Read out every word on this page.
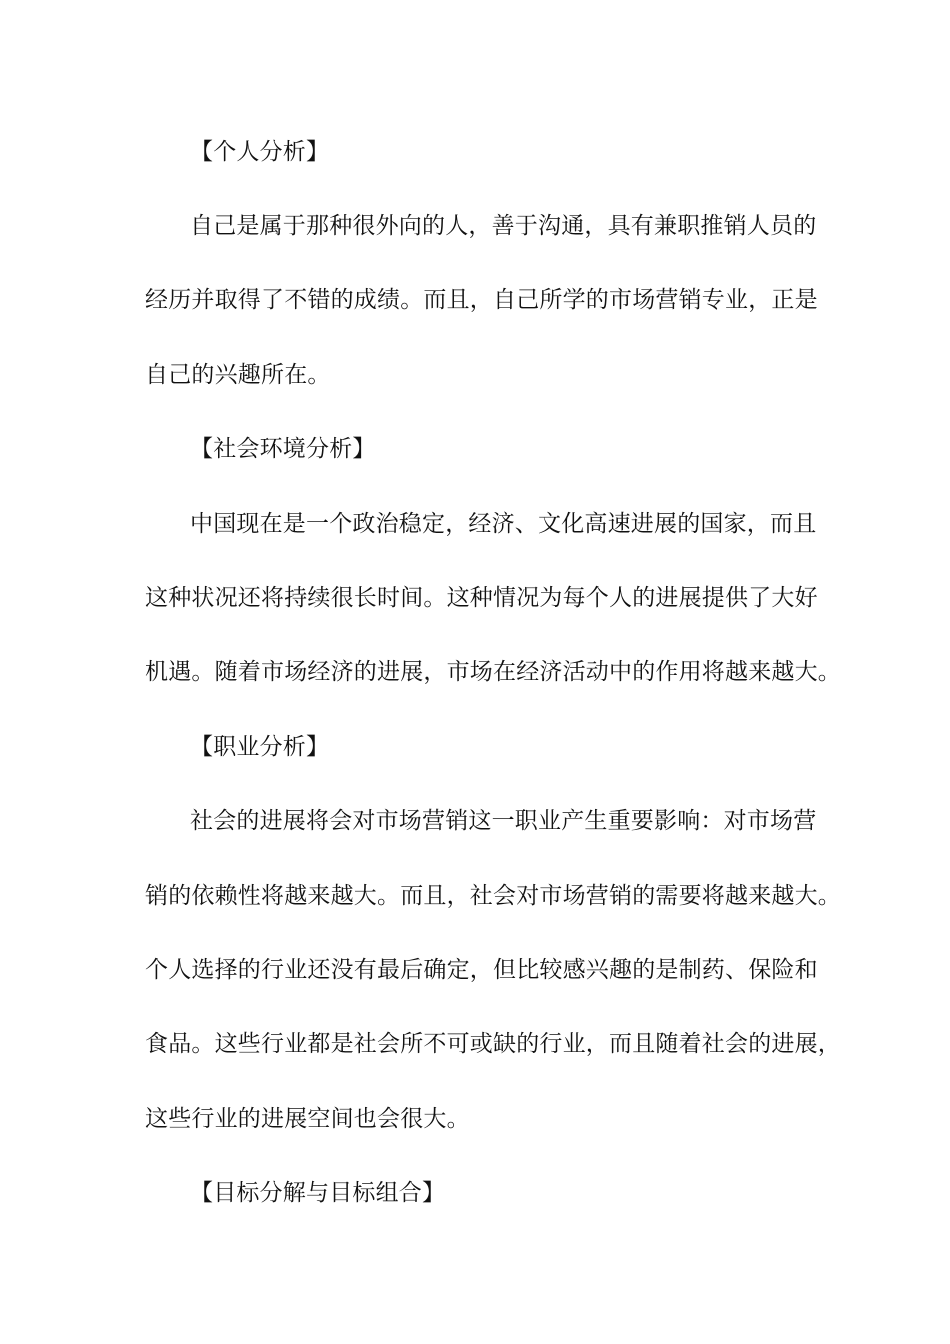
【个人分析】
自己是属于那种很外向的人，善于沟通，具有兼职推销人员的
经历并取得了不错的成绩。而且，自己所学的市场营销专业，正是
自己的兴趣所在。
【社会环境分析】
中国现在是一个政治稳定，经济、文化高速进展的国家，而且
这种状况还将持续很长时间。这种情况为每个人的进展提供了大好
机遇。随着市场经济的进展，市场在经济活动中的作用将越来越大。
【职业分析】
社会的进展将会对市场营销这一职业产生重要影响：对市场营
销的依赖性将越来越大。而且，社会对市场营销的需要将越来越大。
个人选择的行业还没有最后确定，但比较感兴趣的是制药、保险和
食品。这些行业都是社会所不可或缺的行业，而且随着社会的进展，
这些行业的进展空间也会很大。
【目标分解与目标组合】
